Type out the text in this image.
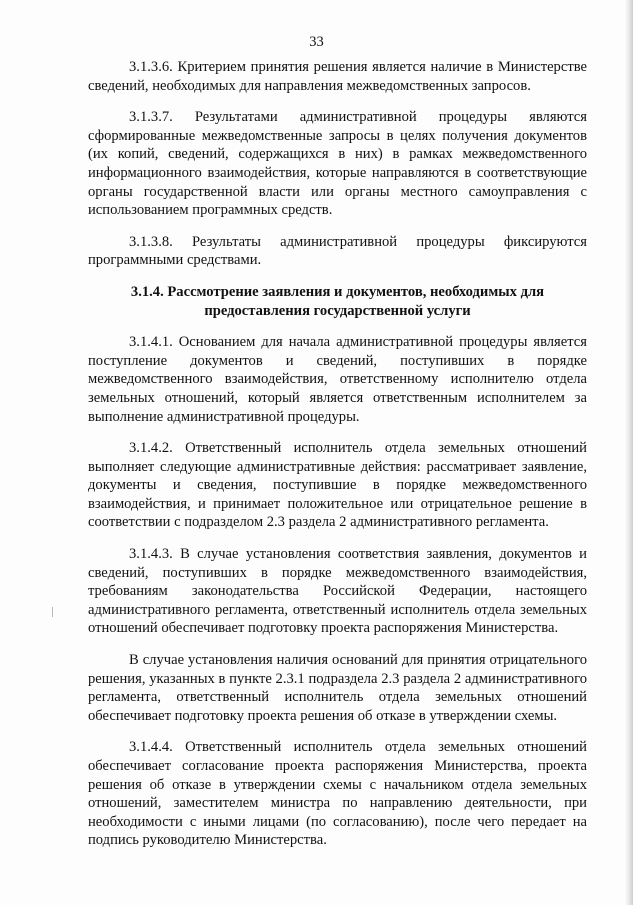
33

3.1.3.6. Критерием принятия решения является наличие в Министерстве сведений, необходимых для направления межведомственных запросов.

3.1.3.7. Результатами административной процедуры являются сформированные межведомственные запросы в целях получения документов (их копий, сведений, содержащихся в них) в рамках межведомственного информационного взаимодействия, которые направляются в соответствующие органы государственной власти или органы местного самоуправления с использованием программных средств.

3.1.3.8. Результаты административной процедуры фиксируются программными средствами.

3.1.4. Рассмотрение заявления и документов, необходимых для предоставления государственной услуги

3.1.4.1. Основанием для начала административной процедуры является поступление документов и сведений, поступивших в порядке межведомственного взаимодействия, ответственному исполнителю отдела земельных отношений, который является ответственным исполнителем за выполнение административной процедуры.

3.1.4.2. Ответственный исполнитель отдела земельных отношений выполняет следующие административные действия: рассматривает заявление, документы и сведения, поступившие в порядке межведомственного взаимодействия, и принимает положительное или отрицательное решение в соответствии с подразделом 2.3 раздела 2 административного регламента.

3.1.4.3. В случае установления соответствия заявления, документов и сведений, поступивших в порядке межведомственного взаимодействия, требованиям законодательства Российской Федерации, настоящего административного регламента, ответственный исполнитель отдела земельных отношений обеспечивает подготовку проекта распоряжения Министерства.

В случае установления наличия оснований для принятия отрицательного решения, указанных в пункте 2.3.1 подраздела 2.3 раздела 2 административного регламента, ответственный исполнитель отдела земельных отношений обеспечивает подготовку проекта решения об отказе в утверждении схемы.

3.1.4.4. Ответственный исполнитель отдела земельных отношений обеспечивает согласование проекта распоряжения Министерства, проекта решения об отказе в утверждении схемы с начальником отдела земельных отношений, заместителем министра по направлению деятельности, при необходимости с иными лицами (по согласованию), после чего передает на подпись руководителю Министерства.
